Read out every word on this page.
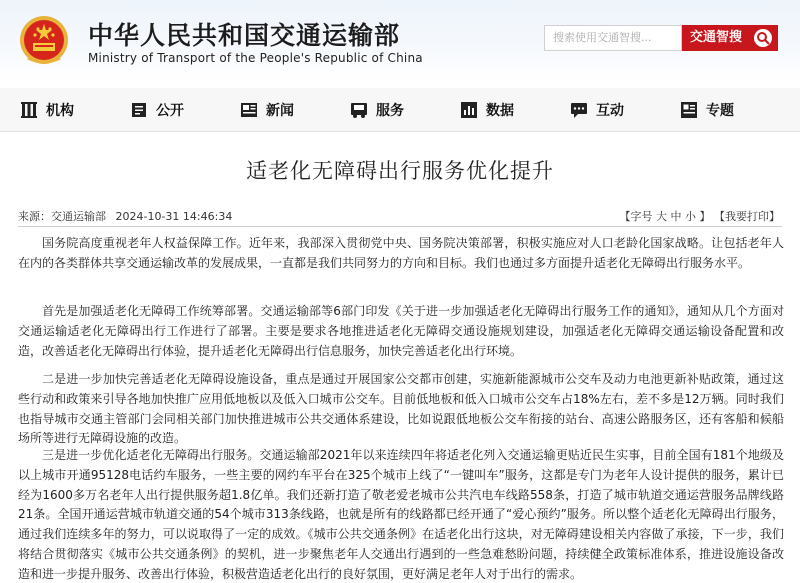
中华人民共和国交通运输部
Ministry of Transport of the People's Republic of China
搜索使用交通智搜...	交通智搜
机构	公开	新闻	服务	数据	互动	专题
适老化无障碍出行服务优化提升
来源：交通运输部 2024-10-31 14:46:34	【字号 大 中 小 】 【我要打印】

国务院高度重视老年人权益保障工作。近年来，我部深入贯彻党中央、国务院决策部署，积极实施应对人口老龄化国家战略。让包括老年人在内的各类群体共享交通运输改革的发展成果，一直都是我们共同努力的方向和目标。我们也通过多方面提升适老化无障碍出行服务水平。

首先是加强适老化无障碍工作统筹部署。交通运输部等6部门印发《关于进一步加强适老化无障碍出行服务工作的通知》，通知从几个方面对交通运输适老化无障碍出行工作进行了部署。主要是要求各地推进适老化无障碍交通设施规划建设，加强适老化无障碍交通运输设备配置和改造，改善适老化无障碍出行体验，提升适老化无障碍出行信息服务，加快完善适老化出行环境。

二是进一步加快完善适老化无障碍设施设备，重点是通过开展国家公交都市创建，实施新能源城市公交车及动力电池更新补贴政策，通过这些行动和政策来引导各地加快推广应用低地板以及低入口城市公交车。目前低地板和低入口城市公交车占18%左右，差不多是12万辆。同时我们也指导城市交通主管部门会同相关部门加快推进城市公共交通体系建设，比如说跟低地板公交车衔接的站台、高速公路服务区，还有客船和候船场所等进行无障碍设施的改造。

三是进一步优化适老化无障碍出行服务。交通运输部2021年以来连续四年将适老化列入交通运输更贴近民生实事，目前全国有181个地级及以上城市开通95128电话约车服务，一些主要的网约车平台在325个城市上线了“一键叫车”服务，这都是专门为老年人设计提供的服务，累计已经为1600多万名老年人出行提供服务超1.8亿单。我们还新打造了敬老爱老城市公共汽电车线路558条，打造了城市轨道交通运营服务品牌线路21条。全国开通运营城市轨道交通的54个城市313条线路，也就是所有的线路都已经开通了“爱心预约”服务。所以整个适老化无障碍出行服务，通过我们连续多年的努力，可以说取得了一定的成效。《城市公共交通条例》在适老化出行这块，对无障碍建设相关内容做了承接，下一步，我们将结合贯彻落实《城市公共交通条例》的契机，进一步聚焦老年人交通出行遇到的一些急难愁盼问题，持续健全政策标准体系，推进设施设备改造和进一步提升服务、改善出行体验，积极营造适老化出行的良好氛围，更好满足老年人对于出行的需求。
